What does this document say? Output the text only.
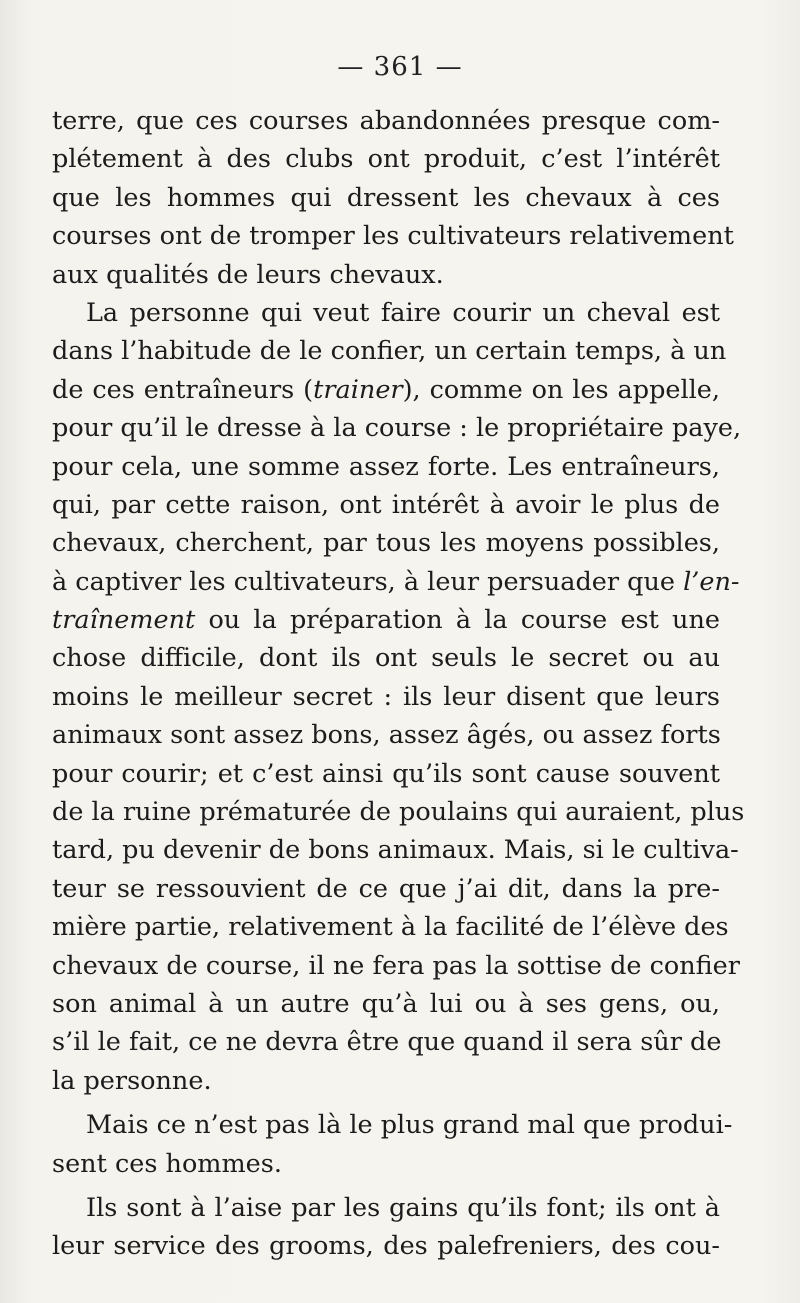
— 361 —
terre, que ces courses abandonnées presque com-
plétement à des clubs ont produit, c’est l’intérêt
que les hommes qui dressent les chevaux à ces
courses ont de tromper les cultivateurs relativement
aux qualités de leurs chevaux.
La personne qui veut faire courir un cheval est
dans l’habitude de le confier, un certain temps, à un
de ces entraîneurs (trainer), comme on les appelle,
pour qu’il le dresse à la course : le propriétaire paye,
pour cela, une somme assez forte. Les entraîneurs,
qui, par cette raison, ont intérêt à avoir le plus de
chevaux, cherchent, par tous les moyens possibles,
à captiver les cultivateurs, à leur persuader que l’en-
traînement ou la préparation à la course est une
chose difficile, dont ils ont seuls le secret ou au
moins le meilleur secret : ils leur disent que leurs
animaux sont assez bons, assez âgés, ou assez forts
pour courir; et c’est ainsi qu’ils sont cause souvent
de la ruine prématurée de poulains qui auraient, plus
tard, pu devenir de bons animaux. Mais, si le cultiva-
teur se ressouvient de ce que j’ai dit, dans la pre-
mière partie, relativement à la facilité de l’élève des
chevaux de course, il ne fera pas la sottise de confier
son animal à un autre qu’à lui ou à ses gens, ou,
s’il le fait, ce ne devra être que quand il sera sûr de
la personne.
Mais ce n’est pas là le plus grand mal que produi-
sent ces hommes.
Ils sont à l’aise par les gains qu’ils font; ils ont à
leur service des grooms, des palefreniers, des cou-
